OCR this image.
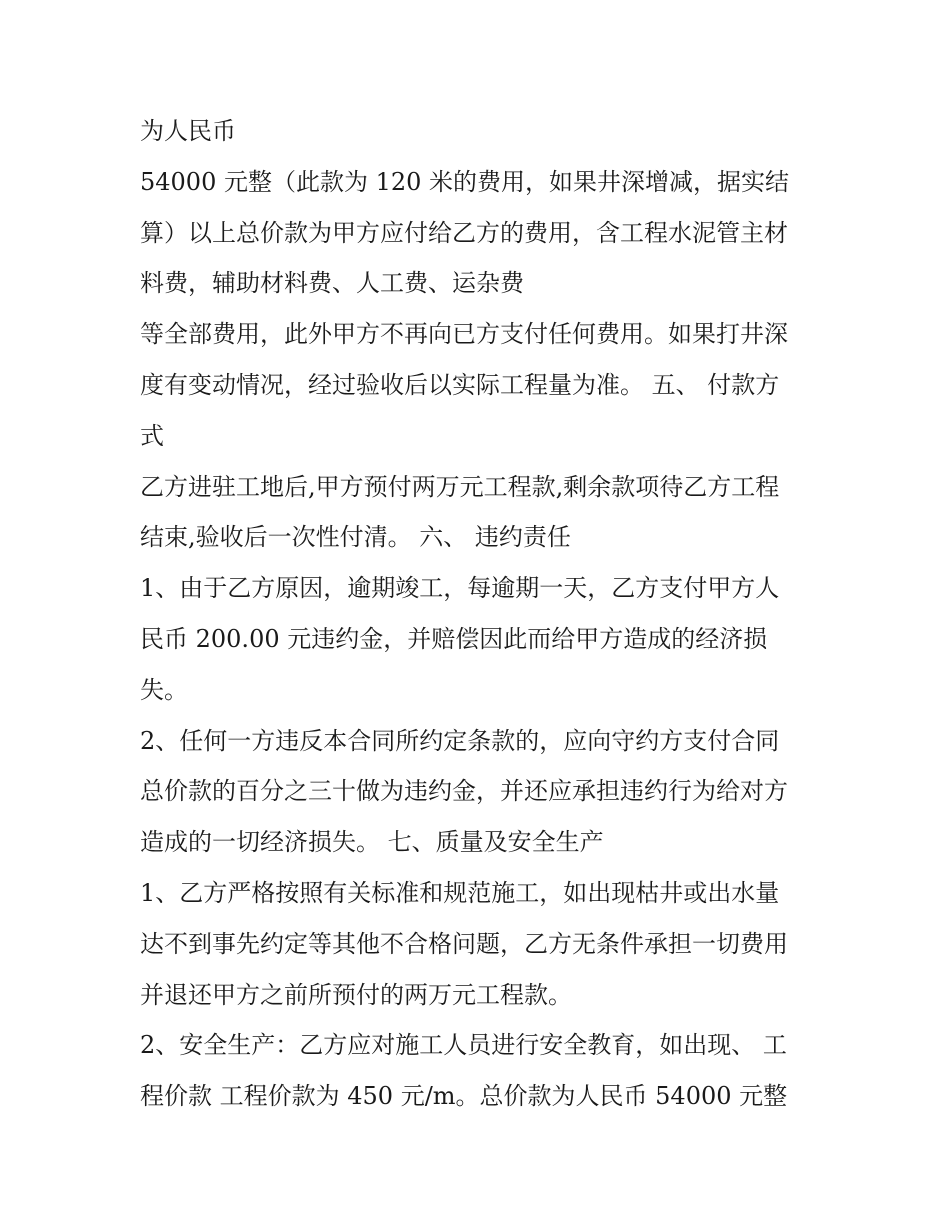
为人民币
54000 元整（此款为 120 米的费用，如果井深增减，据实结
算）以上总价款为甲方应付给乙方的费用，含工程水泥管主材
料费，辅助材料费、人工费、运杂费
等全部费用，此外甲方不再向已方支付任何费用。如果打井深
度有变动情况，经过验收后以实际工程量为准。 五、 付款方
式
乙方进驻工地后,甲方预付两万元工程款,剩余款项待乙方工程
结束,验收后一次性付清。 六、 违约责任
1、由于乙方原因，逾期竣工，每逾期一天，乙方支付甲方人
民币 200.00 元违约金，并赔偿因此而给甲方造成的经济损
失。
2、任何一方违反本合同所约定条款的，应向守约方支付合同
总价款的百分之三十做为违约金，并还应承担违约行为给对方
造成的一切经济损失。 七、质量及安全生产
1、乙方严格按照有关标准和规范施工，如出现枯井或出水量
达不到事先约定等其他不合格问题，乙方无条件承担一切费用
并退还甲方之前所预付的两万元工程款。
2、安全生产：乙方应对施工人员进行安全教育，如出现、 工
程价款 工程价款为 450 元/m。总价款为人民币 54000 元整
